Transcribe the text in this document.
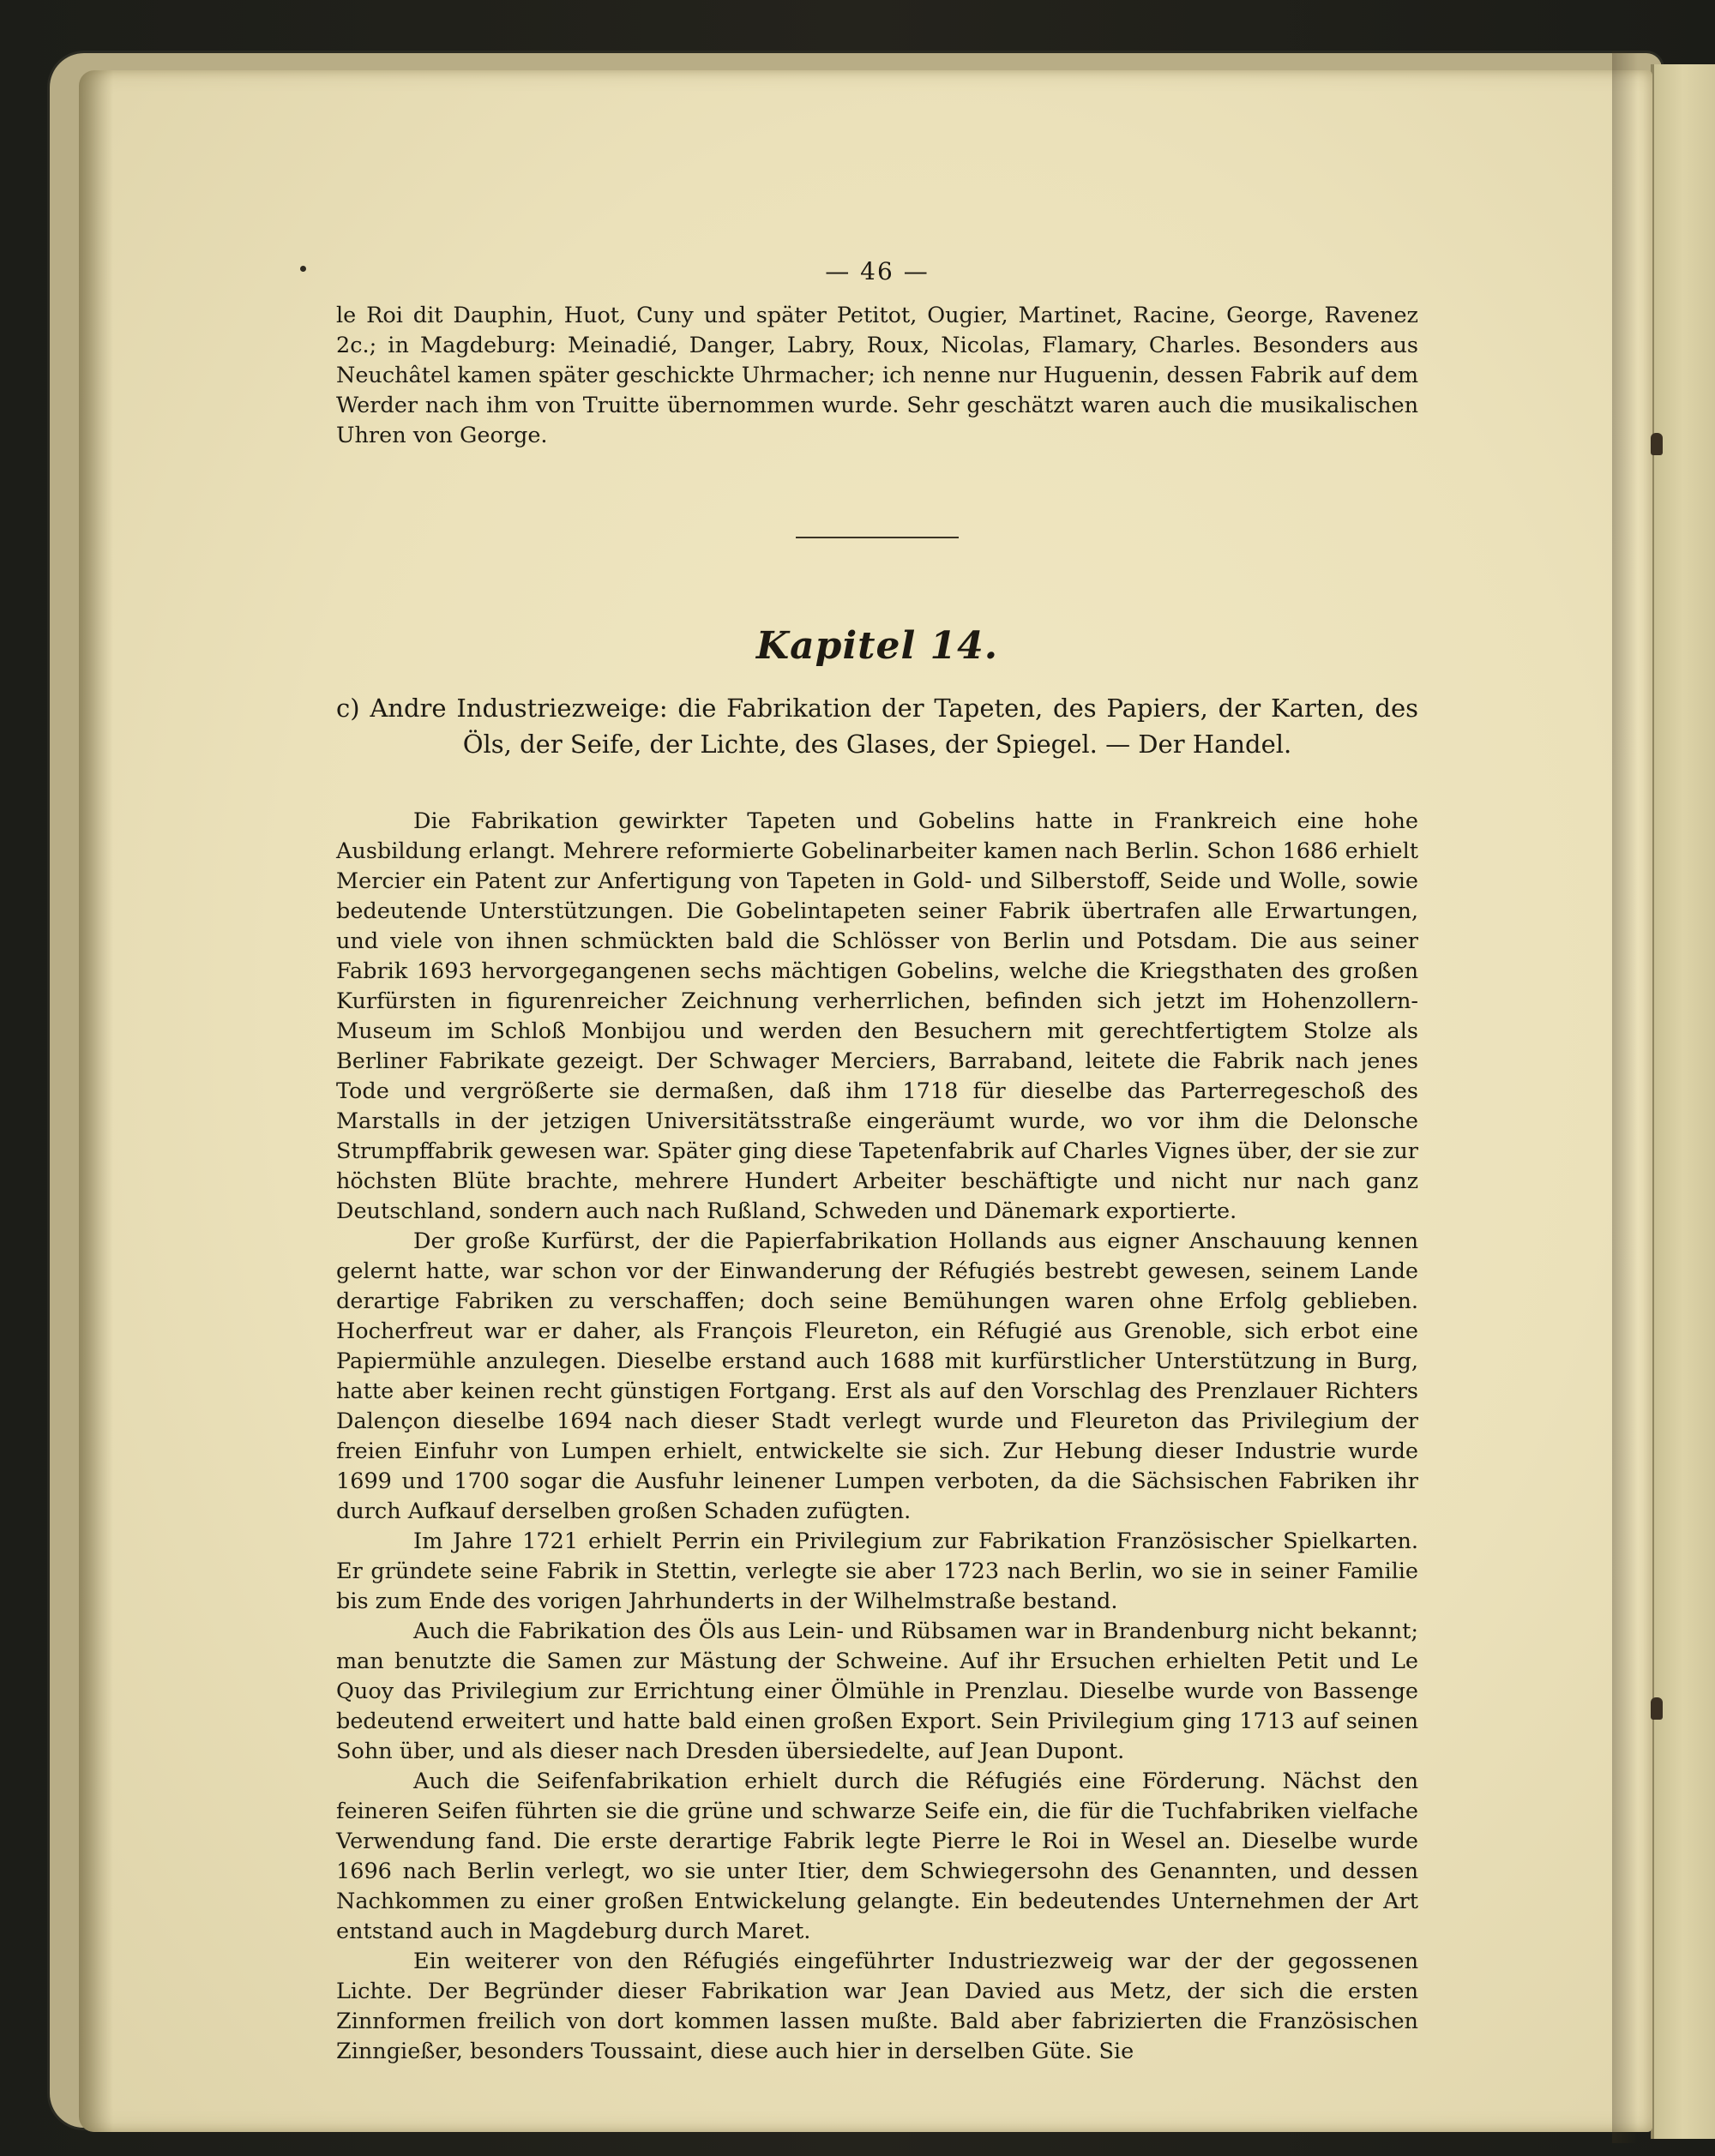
— 46 —

le Roi dit Dauphin, Huot, Cuny und später Petitot, Ougier, Martinet, Racine, George, Ravenez 2c.; in Magdeburg: Meinadié, Danger, Labry, Roux, Nicolas, Flamary, Charles. Besonders aus Neuchâtel kamen später geschickte Uhrmacher; ich nenne nur Huguenin, dessen Fabrik auf dem Werder nach ihm von Truitte übernommen wurde. Sehr geschätzt waren auch die musikalischen Uhren von George.

Kapitel 14.
c) Andre Industriezweige: die Fabrikation der Tapeten, des Papiers, der Karten, des Öls, der Seife, der Lichte, des Glases, der Spiegel. — Der Handel.

Die Fabrikation gewirkter Tapeten und Gobelins hatte in Frankreich eine hohe Ausbildung erlangt. Mehrere reformierte Gobelinarbeiter kamen nach Berlin. Schon 1686 erhielt Mercier ein Patent zur Anfertigung von Tapeten in Gold- und Silberstoff, Seide und Wolle, sowie bedeutende Unterstützungen. Die Gobelintapeten seiner Fabrik übertrafen alle Erwartungen, und viele von ihnen schmückten bald die Schlösser von Berlin und Potsdam. Die aus seiner Fabrik 1693 hervorgegangenen sechs mächtigen Gobelins, welche die Kriegsthaten des großen Kurfürsten in figurenreicher Zeichnung verherrlichen, befinden sich jetzt im Hohenzollern-Museum im Schloß Monbijou und werden den Besuchern mit gerechtfertigtem Stolze als Berliner Fabrikate gezeigt. Der Schwager Merciers, Barraband, leitete die Fabrik nach jenes Tode und vergrößerte sie dermaßen, daß ihm 1718 für dieselbe das Parterregeschoß des Marstalls in der jetzigen Universitätsstraße eingeräumt wurde, wo vor ihm die Delonsche Strumpffabrik gewesen war. Später ging diese Tapetenfabrik auf Charles Vignes über, der sie zur höchsten Blüte brachte, mehrere Hundert Arbeiter beschäftigte und nicht nur nach ganz Deutschland, sondern auch nach Rußland, Schweden und Dänemark exportierte.

Der große Kurfürst, der die Papierfabrikation Hollands aus eigner Anschauung kennen gelernt hatte, war schon vor der Einwanderung der Réfugiés bestrebt gewesen, seinem Lande derartige Fabriken zu verschaffen; doch seine Bemühungen waren ohne Erfolg geblieben. Hocherfreut war er daher, als François Fleureton, ein Réfugié aus Grenoble, sich erbot eine Papiermühle anzulegen. Dieselbe erstand auch 1688 mit kurfürstlicher Unterstützung in Burg, hatte aber keinen recht günstigen Fortgang. Erst als auf den Vorschlag des Prenzlauer Richters Dalençon dieselbe 1694 nach dieser Stadt verlegt wurde und Fleureton das Privilegium der freien Einfuhr von Lumpen erhielt, entwickelte sie sich. Zur Hebung dieser Industrie wurde 1699 und 1700 sogar die Ausfuhr leinener Lumpen verboten, da die Sächsischen Fabriken ihr durch Aufkauf derselben großen Schaden zufügten.

Im Jahre 1721 erhielt Perrin ein Privilegium zur Fabrikation Französischer Spielkarten. Er gründete seine Fabrik in Stettin, verlegte sie aber 1723 nach Berlin, wo sie in seiner Familie bis zum Ende des vorigen Jahrhunderts in der Wilhelmstraße bestand.

Auch die Fabrikation des Öls aus Lein- und Rübsamen war in Brandenburg nicht bekannt; man benutzte die Samen zur Mästung der Schweine. Auf ihr Ersuchen erhielten Petit und Le Quoy das Privilegium zur Errichtung einer Ölmühle in Prenzlau. Dieselbe wurde von Bassenge bedeutend erweitert und hatte bald einen großen Export. Sein Privilegium ging 1713 auf seinen Sohn über, und als dieser nach Dresden übersiedelte, auf Jean Dupont.

Auch die Seifenfabrikation erhielt durch die Réfugiés eine Förderung. Nächst den feineren Seifen führten sie die grüne und schwarze Seife ein, die für die Tuchfabriken vielfache Verwendung fand. Die erste derartige Fabrik legte Pierre le Roi in Wesel an. Dieselbe wurde 1696 nach Berlin verlegt, wo sie unter Itier, dem Schwiegersohn des Genannten, und dessen Nachkommen zu einer großen Entwickelung gelangte. Ein bedeutendes Unternehmen der Art entstand auch in Magdeburg durch Maret.

Ein weiterer von den Réfugiés eingeführter Industriezweig war der der gegossenen Lichte. Der Begründer dieser Fabrikation war Jean Davied aus Metz, der sich die ersten Zinnformen freilich von dort kommen lassen mußte. Bald aber fabrizierten die Französischen Zinngießer, besonders Toussaint, diese auch hier in derselben Güte. Sie
